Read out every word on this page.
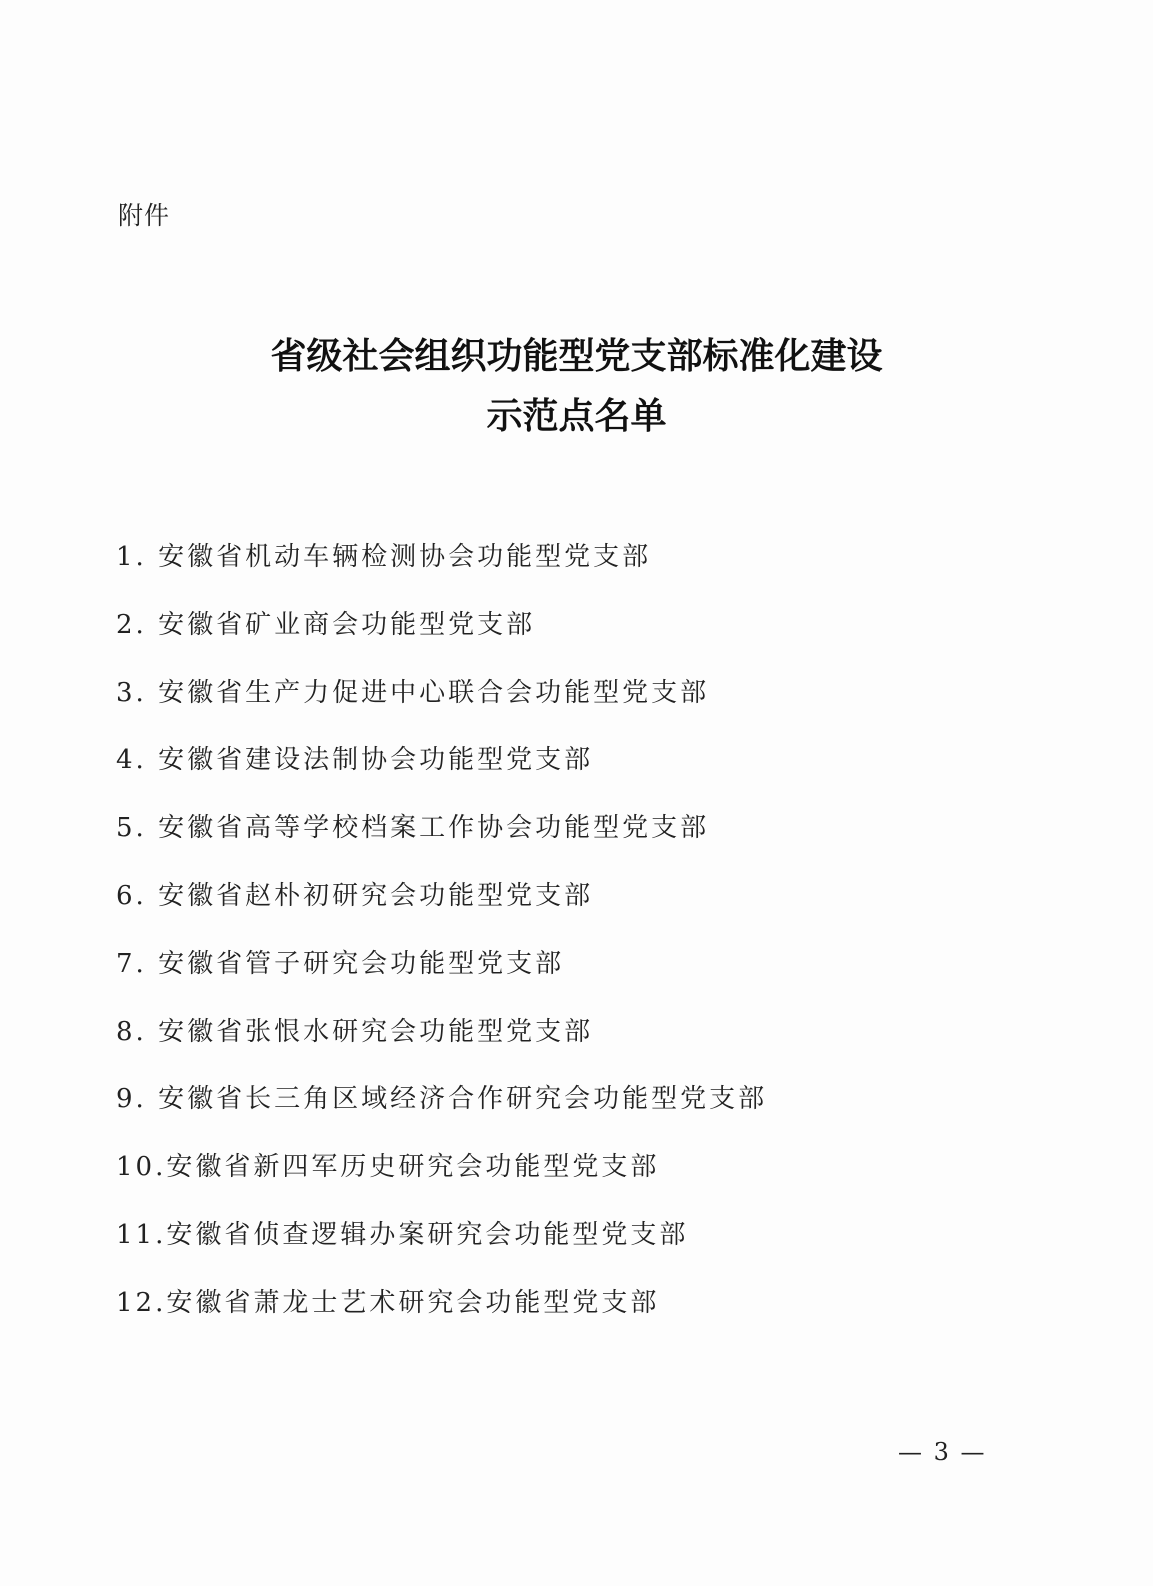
附件
省级社会组织功能型党支部标准化建设
示范点名单
1. 安徽省机动车辆检测协会功能型党支部
2. 安徽省矿业商会功能型党支部
3. 安徽省生产力促进中心联合会功能型党支部
4. 安徽省建设法制协会功能型党支部
5. 安徽省高等学校档案工作协会功能型党支部
6. 安徽省赵朴初研究会功能型党支部
7. 安徽省管子研究会功能型党支部
8. 安徽省张恨水研究会功能型党支部
9. 安徽省长三角区域经济合作研究会功能型党支部
10.安徽省新四军历史研究会功能型党支部
11.安徽省侦查逻辑办案研究会功能型党支部
12.安徽省萧龙士艺术研究会功能型党支部
— 3 —
